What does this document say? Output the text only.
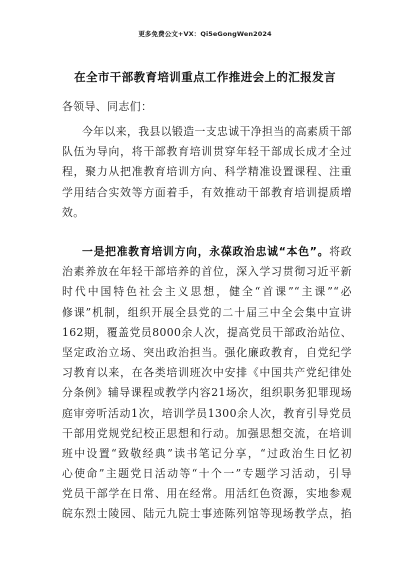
更多免费公文+VX：Qi5eGongWen2024
在全市干部教育培训重点工作推进会上的汇报发言
各领导、同志们：
今年以来，我县以锻造一支忠诚干净担当的高素质干部
队伍为导向，将干部教育培训贯穿年轻干部成长成才全过
程，聚力从把准教育培训方向、科学精准设置课程、注重
学用结合实效等方面着手，有效推动干部教育培训提质增
效。
一是把准教育培训方向，永葆政治忠诚“本色”。将政
治素养放在年轻干部培养的首位，深入学习贯彻习近平新
时代中国特色社会主义思想，健全“首课”“主课”“必
修课”机制，组织开展全县党的二十届三中全会集中宣讲
162期，覆盖党员8000余人次，提高党员干部政治站位、
坚定政治立场、突出政治担当。强化廉政教育，自党纪学
习教育以来，在各类培训班次中安排《中国共产党纪律处
分条例》辅导课程或教学内容21场次，组织职务犯罪现场
庭审旁听活动1次，培训学员1300余人次，教育引导党员
干部用党规党纪校正思想和行动。加强思想交流，在培训
班中设置“致敬经典”读书笔记分享，“过政治生日忆初
心使命”主题党日活动等“十个一”专题学习活动，引导
党员干部学在日常、用在经常。用活红色资源，实地参观
皖东烈士陵园、陆元九院士事迹陈列馆等现场教学点，掐
